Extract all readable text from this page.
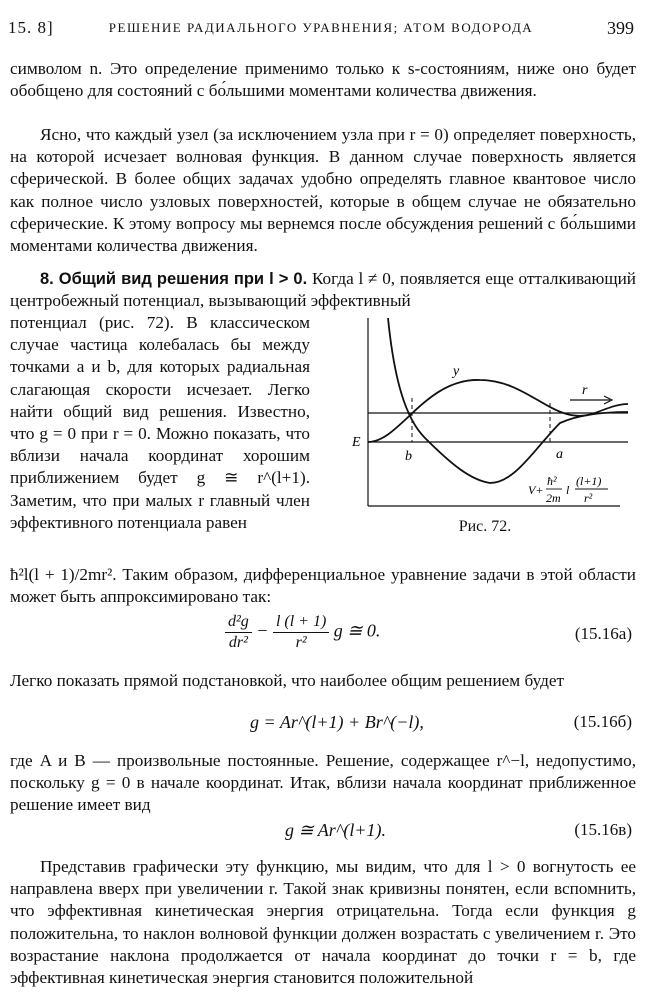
15. 8]	РЕШЕНИЕ РАДИАЛЬНОГО УРАВНЕНИЯ; АТОМ ВОДОРОДА	399

символом n. Это определение применимо только к s-состояниям, ниже оно будет обобщено для состояний с бо́льшими моментами количества движения.

Ясно, что каждый узел (за исключением узла при r = 0) определяет поверхность, на которой исчезает волновая функция. В данном случае поверхность является сферической. В более общих задачах удобно определять главное квантовое число как полное число узловых поверхностей, которые в общем случае не обязательно сферические. К этому вопросу мы вернемся после обсуждения решений с бо́льшими моментами количества движения.

8. Общий вид решения при l > 0. Когда l ≠ 0, появляется еще отталкивающий центробежный потенциал, вызывающий эффективный

потенциал (рис. 72). В классическом случае частица колебалась бы между точками a и b, для которых радиальная слагающая скорости исчезает. Легко найти общий вид решения. Известно, что g = 0 при r = 0. Можно показать, что вблизи начала координат хорошим приближением будет g ≅ r^(l+1). Заметим, что при малых r главный член эффективного потенциала равен

ħ²l(l + 1)/2mr². Таким образом, дифференциальное уравнение задачи в этой области может быть аппроксимировано так:

y
r
E
b	a
V+
ħ²
2m
l
(l+1)
r²
Рис. 72.
$\frac{\text{d²g}}{\text{dr²}} - \frac{l (l + 1)}{\text{r²}}$ g ≅ 0.	(15.16а)

Легко показать прямой подстановкой, что наиболее общим решением будет

g = Ar^(l+1) + Br^(−l),	(15.16б)

где A и B — произвольные постоянные. Решение, содержащее r^−l, недопустимо, поскольку g = 0 в начале координат. Итак, вблизи начала координат приближенное решение имеет вид

g ≅ Ar^(l+1).	(15.16в)

Представив графически эту функцию, мы видим, что для l > 0 вогнутость ее направлена вверх при увеличении r. Такой знак кривизны понятен, если вспомнить, что эффективная кинетическая энергия отрицательна. Тогда если функция g положительна, то наклон волновой функции должен возрастать с увеличением r. Это возрастание наклона продолжается от начала координат до точки r = b, где эффективная кинетическая энергия становится положительной
